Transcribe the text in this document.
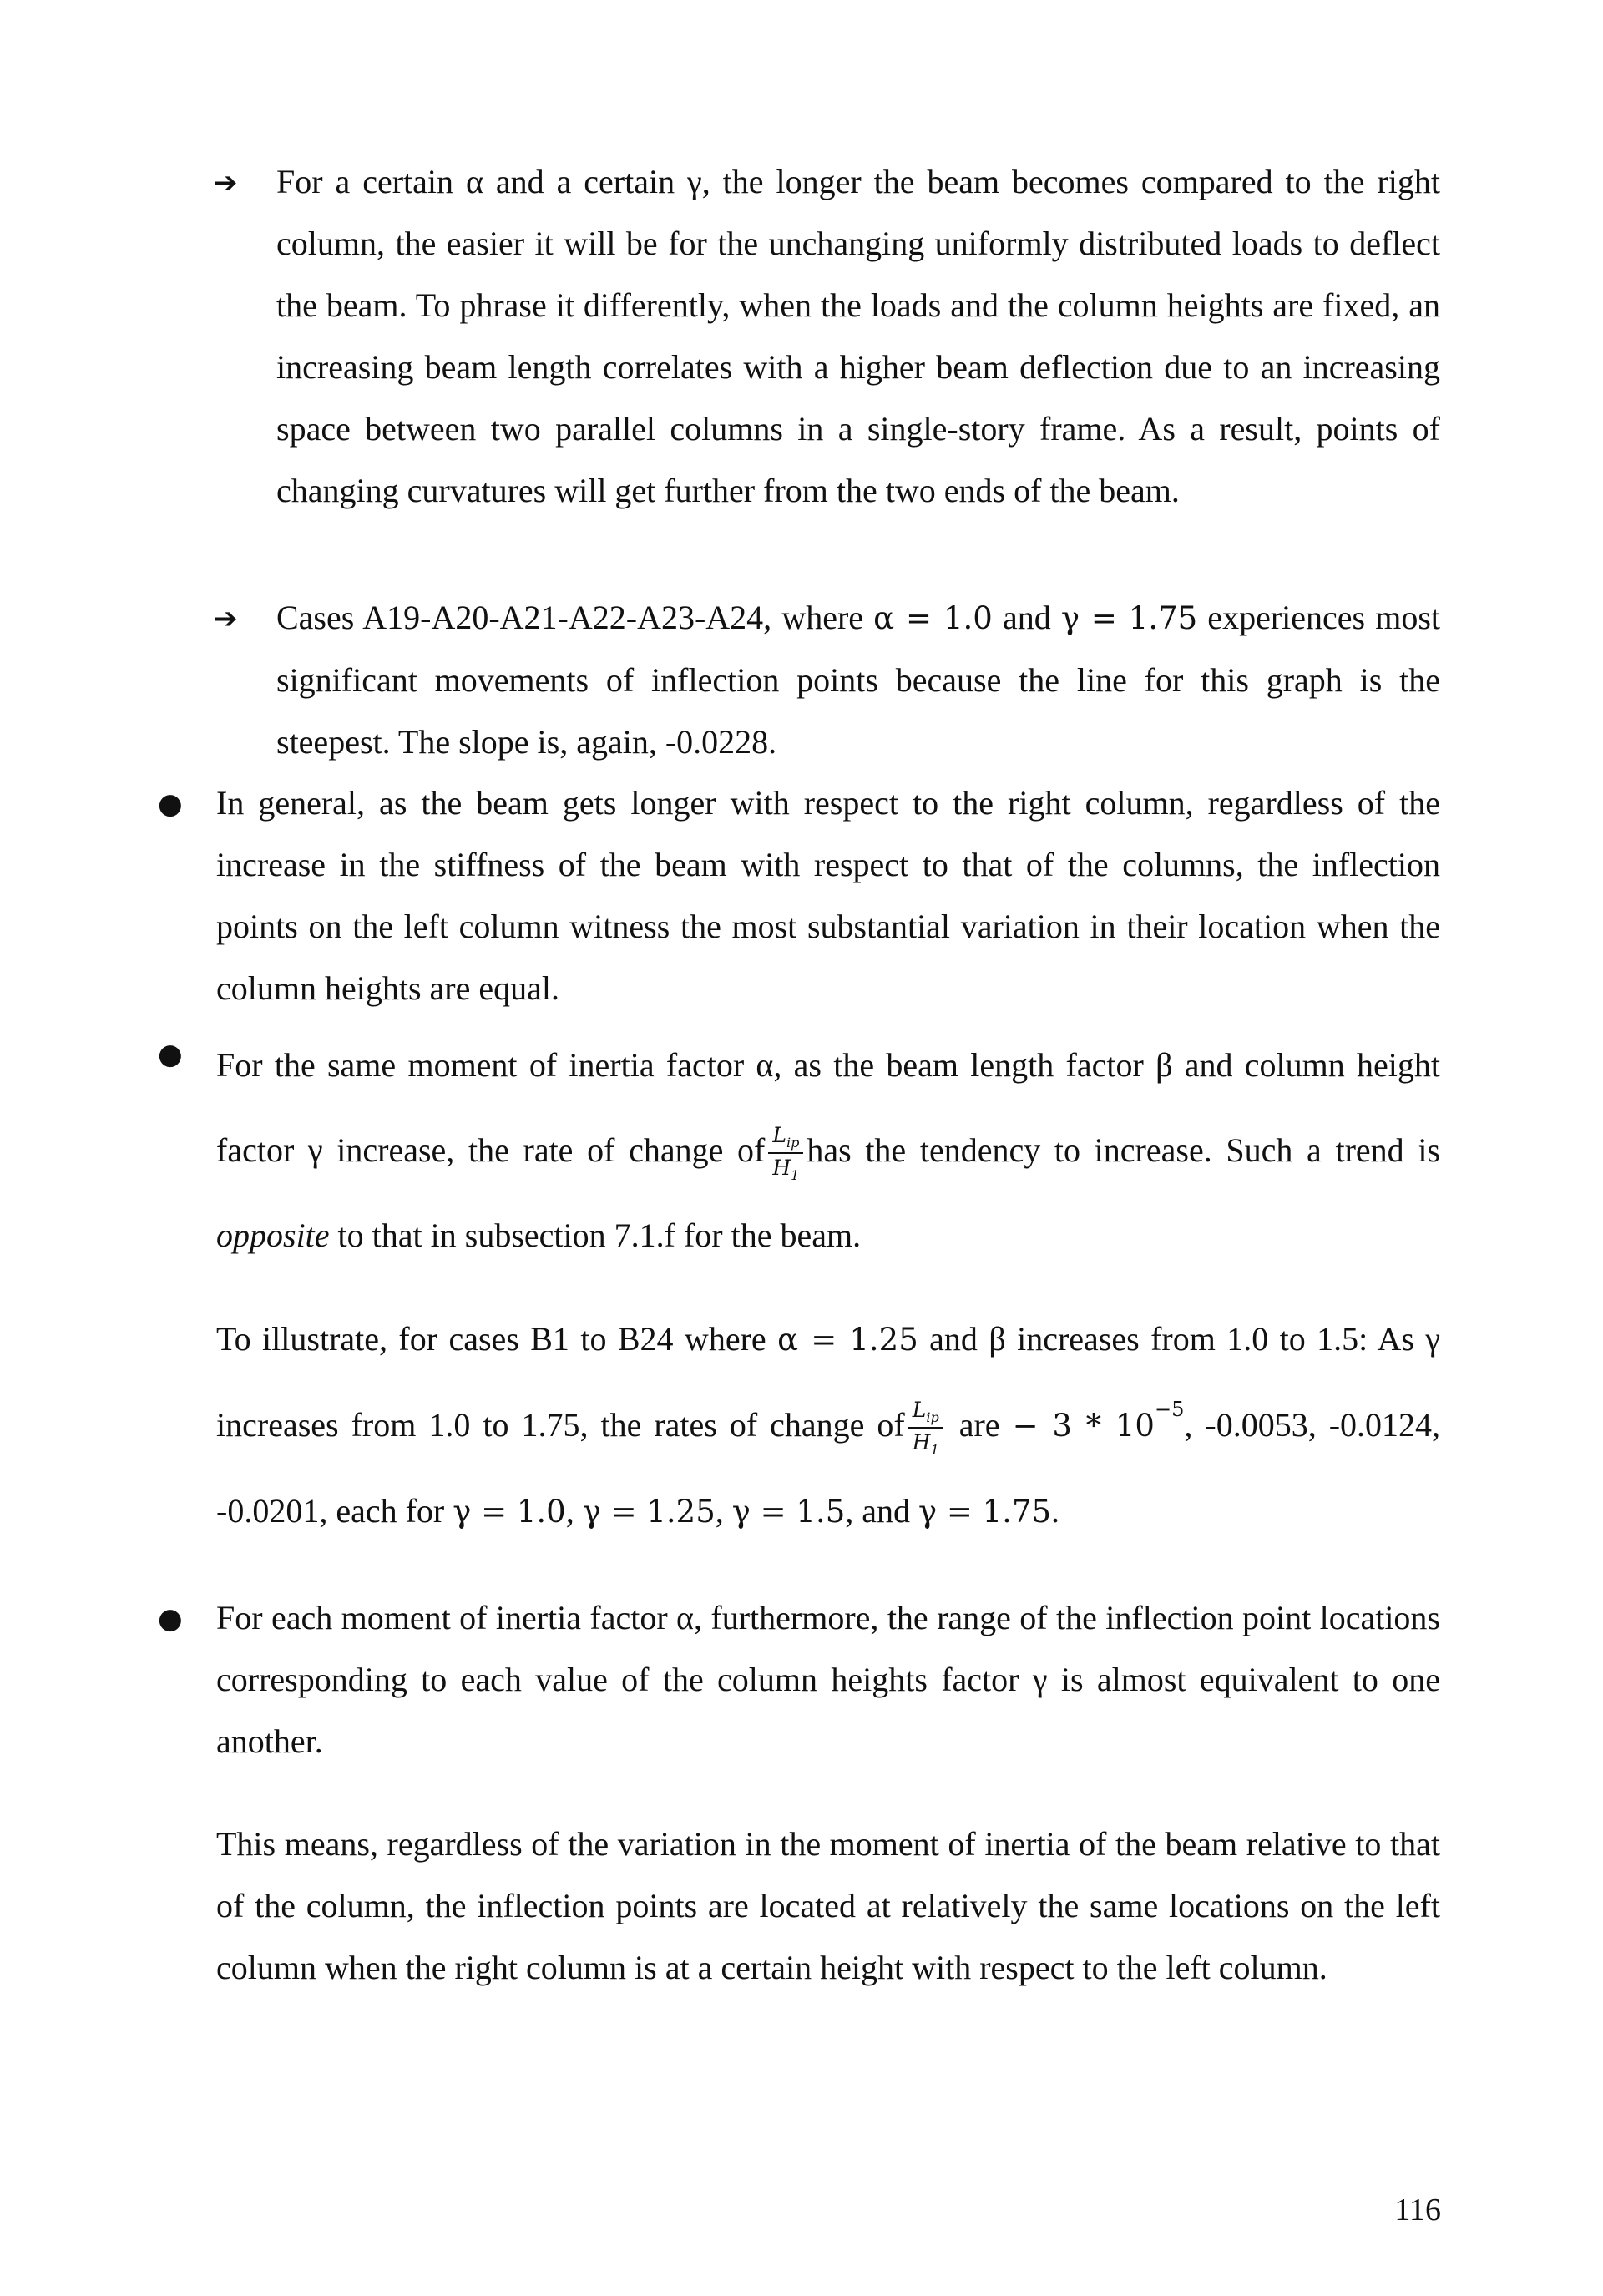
➔ For a certain α and a certain γ, the longer the beam becomes compared to the right column, the easier it will be for the unchanging uniformly distributed loads to deflect the beam. To phrase it differently, when the loads and the column heights are fixed, an increasing beam length correlates with a higher beam deflection due to an increasing space between two parallel columns in a single-story frame. As a result, points of changing curvatures will get further from the two ends of the beam.
➔ Cases A19-A20-A21-A22-A23-A24, where α = 1.0 and γ = 1.75 experiences most significant movements of inflection points because the line for this graph is the steepest. The slope is, again, -0.0228.
● In general, as the beam gets longer with respect to the right column, regardless of the increase in the stiffness of the beam with respect to that of the columns, the inflection points on the left column witness the most substantial variation in their location when the column heights are equal.
● For the same moment of inertia factor α, as the beam length factor β and column height factor γ increase, the rate of change of $\frac{L_{ip}}{H_1}$ has the tendency to increase. Such a trend is opposite to that in subsection 7.1.f for the beam.
To illustrate, for cases B1 to B24 where α = 1.25 and β increases from 1.0 to 1.5: As γ increases from 1.0 to 1.75, the rates of change of $\frac{L_{ip}}{H_1}$ are − $3 * 10^{-5}$, -0.0053, -0.0124, -0.0201, each for γ = 1.0, γ = 1.25, γ = 1.5, and γ = 1.75.
● For each moment of inertia factor α, furthermore, the range of the inflection point locations corresponding to each value of the column heights factor γ is almost equivalent to one another.
This means, regardless of the variation in the moment of inertia of the beam relative to that of the column, the inflection points are located at relatively the same locations on the left column when the right column is at a certain height with respect to the left column.
116
